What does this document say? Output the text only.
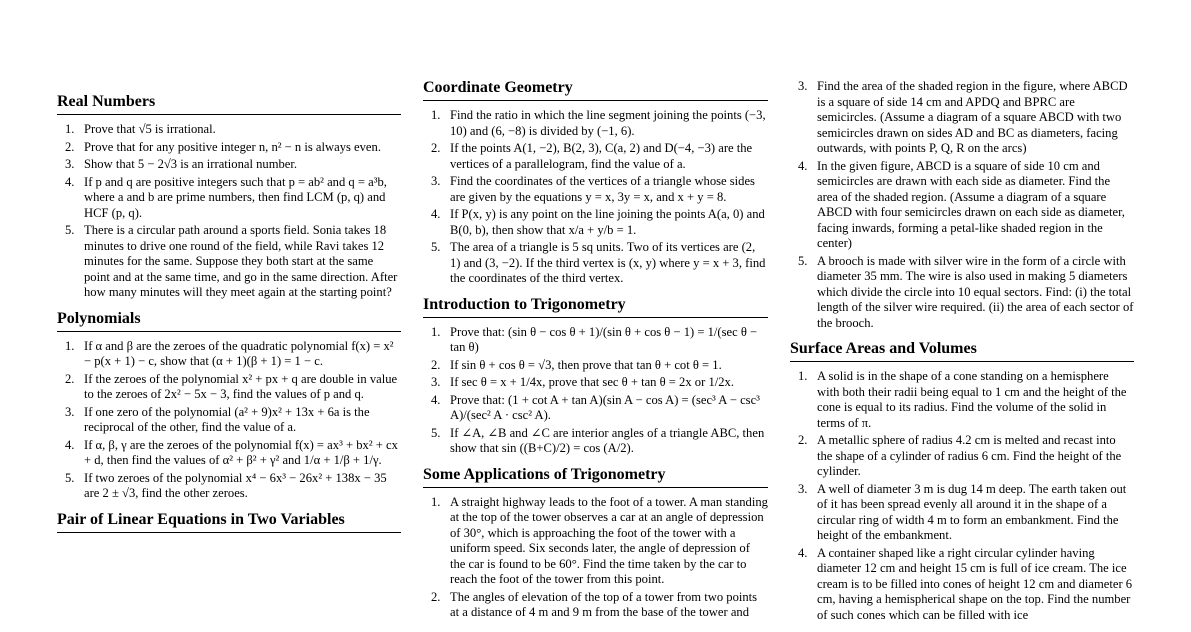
Real Numbers
1. Prove that √5 is irrational.
2. Prove that for any positive integer n, n² − n is always even.
3. Show that 5 − 2√3 is an irrational number.
4. If p and q are positive integers such that p = ab² and q = a³b, where a and b are prime numbers, then find LCM (p, q) and HCF (p, q).
5. There is a circular path around a sports field. Sonia takes 18 minutes to drive one round of the field, while Ravi takes 12 minutes for the same. Suppose they both start at the same point and at the same time, and go in the same direction. After how many minutes will they meet again at the starting point?
Polynomials
1. If α and β are the zeroes of the quadratic polynomial f(x) = x² − p(x + 1) − c, show that (α + 1)(β + 1) = 1 − c.
2. If the zeroes of the polynomial x² + px + q are double in value to the zeroes of 2x² − 5x − 3, find the values of p and q.
3. If one zero of the polynomial (a² + 9)x² + 13x + 6a is the reciprocal of the other, find the value of a.
4. If α, β, γ are the zeroes of the polynomial f(x) = ax³ + bx² + cx + d, then find the values of α² + β² + γ² and 1/α + 1/β + 1/γ.
5. If two zeroes of the polynomial x⁴ − 6x³ − 26x² + 138x − 35 are 2 ± √3, find the other zeroes.
Pair of Linear Equations in Two Variables
Coordinate Geometry
1. Find the ratio in which the line segment joining the points (−3, 10) and (6, −8) is divided by (−1, 6).
2. If the points A(1, −2), B(2, 3), C(a, 2) and D(−4, −3) are the vertices of a parallelogram, find the value of a.
3. Find the coordinates of the vertices of a triangle whose sides are given by the equations y = x, 3y = x, and x + y = 8.
4. If P(x, y) is any point on the line joining the points A(a, 0) and B(0, b), then show that x/a + y/b = 1.
5. The area of a triangle is 5 sq units. Two of its vertices are (2, 1) and (3, −2). If the third vertex is (x, y) where y = x + 3, find the coordinates of the third vertex.
Introduction to Trigonometry
1. Prove that: (sin θ − cos θ + 1)/(sin θ + cos θ − 1) = 1/(sec θ − tan θ)
2. If sin θ + cos θ = √3, then prove that tan θ + cot θ = 1.
3. If sec θ = x + 1/4x, prove that sec θ + tan θ = 2x or 1/2x.
4. Prove that: (1 + cot A + tan A)(sin A − cos A) = (sec³ A − csc³ A)/(sec² A · csc² A).
5. If ∠A, ∠B and ∠C are interior angles of a triangle ABC, then show that sin ((B+C)/2) = cos (A/2).
Some Applications of Trigonometry
1. A straight highway leads to the foot of a tower. A man standing at the top of the tower observes a car at an angle of depression of 30°, which is approaching the foot of the tower with a uniform speed. Six seconds later, the angle of depression of the car is found to be 60°. Find the time taken by the car to reach the foot of the tower from this point.
2. The angles of elevation of the top of a tower from two points at a distance of 4 m and 9 m from the base of the tower and
3. Find the area of the shaded region in the figure, where ABCD is a square of side 14 cm and APDQ and BPRC are semicircles. (Assume a diagram of a square ABCD with two semicircles drawn on sides AD and BC as diameters, facing outwards, with points P, Q, R on the arcs)
4. In the given figure, ABCD is a square of side 10 cm and semicircles are drawn with each side as diameter. Find the area of the shaded region. (Assume a diagram of a square ABCD with four semicircles drawn on each side as diameter, facing inwards, forming a petal-like shaded region in the center)
5. A brooch is made with silver wire in the form of a circle with diameter 35 mm. The wire is also used in making 5 diameters which divide the circle into 10 equal sectors. Find: (i) the total length of the silver wire required. (ii) the area of each sector of the brooch.
Surface Areas and Volumes
1. A solid is in the shape of a cone standing on a hemisphere with both their radii being equal to 1 cm and the height of the cone is equal to its radius. Find the volume of the solid in terms of π.
2. A metallic sphere of radius 4.2 cm is melted and recast into the shape of a cylinder of radius 6 cm. Find the height of the cylinder.
3. A well of diameter 3 m is dug 14 m deep. The earth taken out of it has been spread evenly all around it in the shape of a circular ring of width 4 m to form an embankment. Find the height of the embankment.
4. A container shaped like a right circular cylinder having diameter 12 cm and height 15 cm is full of ice cream. The ice cream is to be filled into cones of height 12 cm and diameter 6 cm, having a hemispherical shape on the top. Find the number of such cones which can be filled with ice
